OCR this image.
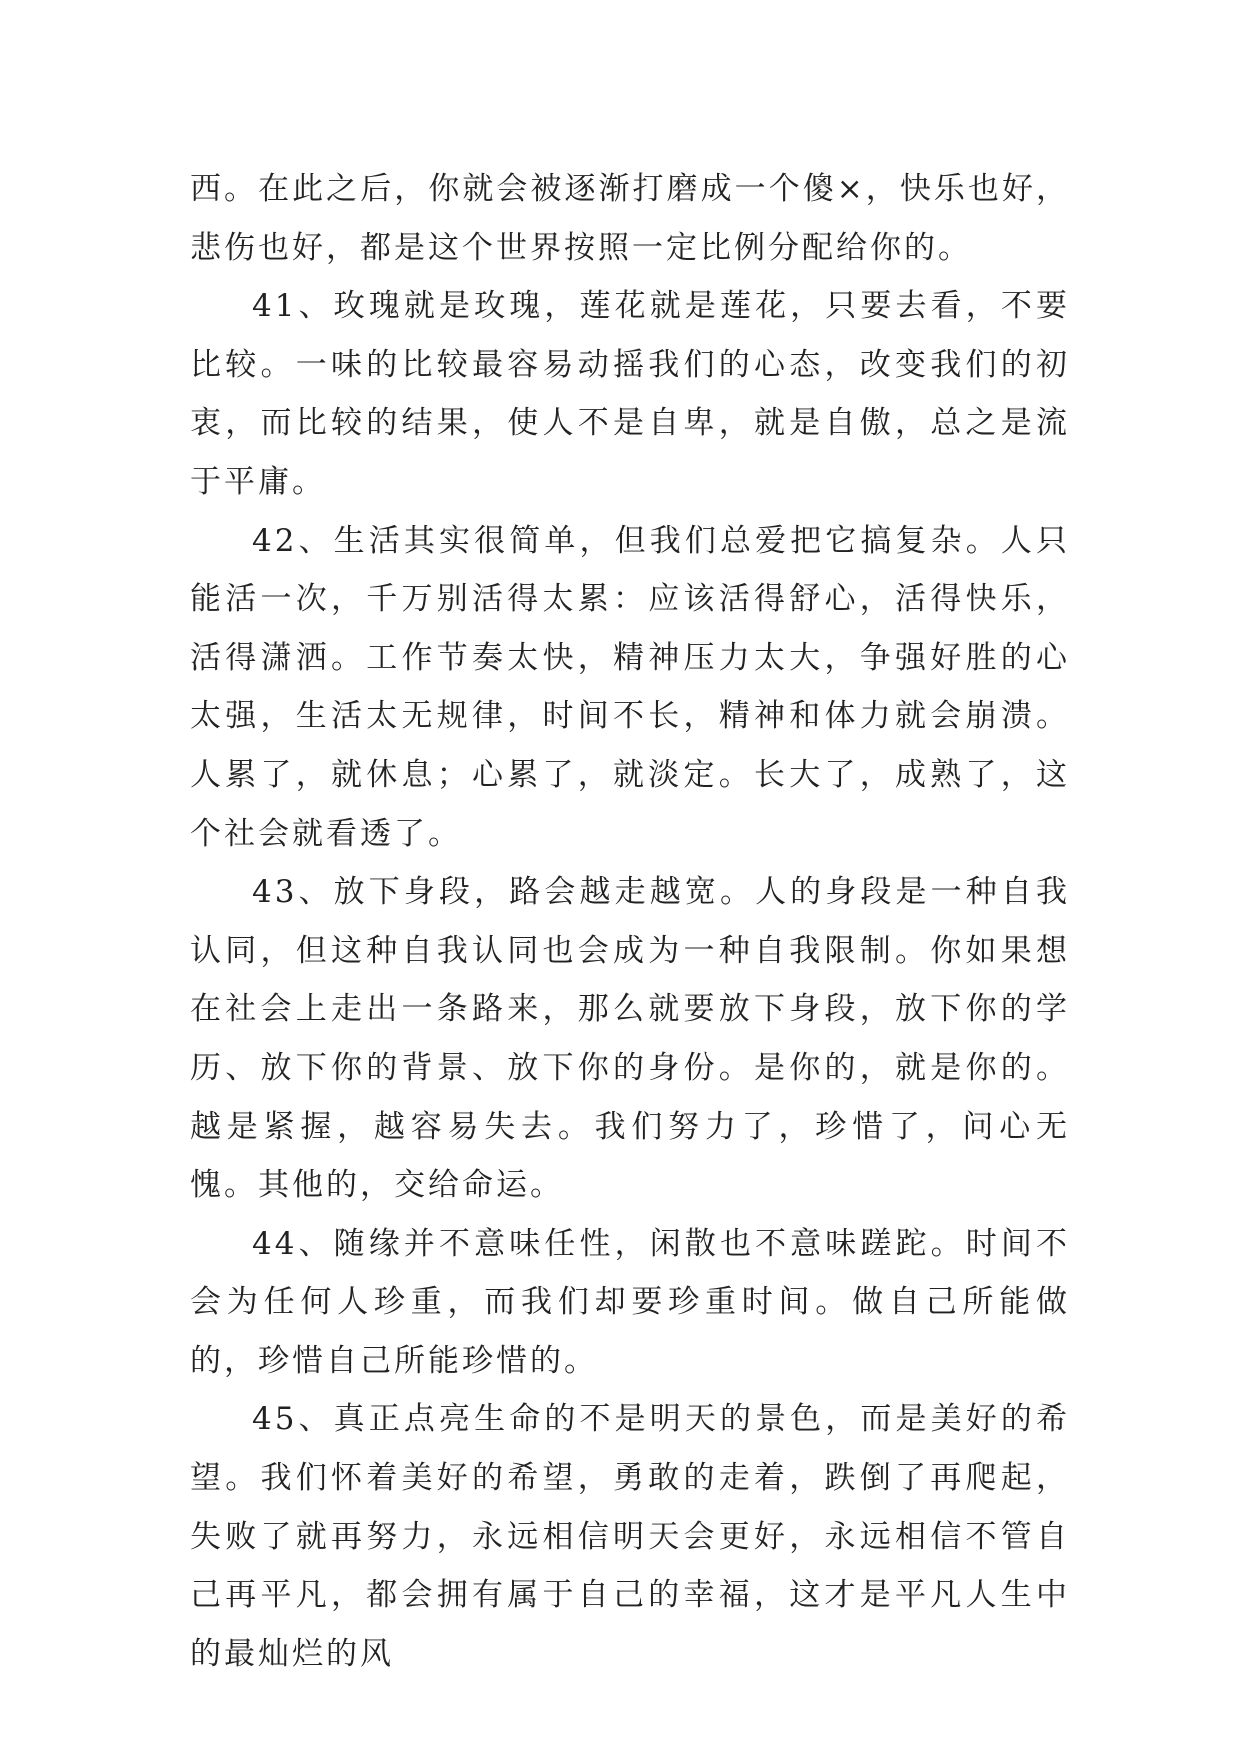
西。在此之后，你就会被逐渐打磨成一个傻×，快乐也好，悲伤也好，都是这个世界按照一定比例分配给你的。

41、玫瑰就是玫瑰，莲花就是莲花，只要去看，不要比较。一味的比较最容易动摇我们的心态，改变我们的初衷，而比较的结果，使人不是自卑，就是自傲，总之是流于平庸。

42、生活其实很简单，但我们总爱把它搞复杂。人只能活一次，千万别活得太累：应该活得舒心，活得快乐，活得潇洒。工作节奏太快，精神压力太大，争强好胜的心太强，生活太无规律，时间不长，精神和体力就会崩溃。人累了，就休息；心累了，就淡定。长大了，成熟了，这个社会就看透了。

43、放下身段，路会越走越宽。人的身段是一种自我认同，但这种自我认同也会成为一种自我限制。你如果想在社会上走出一条路来，那么就要放下身段，放下你的学历、放下你的背景、放下你的身份。是你的，就是你的。越是紧握，越容易失去。我们努力了，珍惜了，问心无愧。其他的，交给命运。

44、随缘并不意味任性，闲散也不意味蹉跎。时间不会为任何人珍重，而我们却要珍重时间。做自己所能做的，珍惜自己所能珍惜的。

45、真正点亮生命的不是明天的景色，而是美好的希望。我们怀着美好的希望，勇敢的走着，跌倒了再爬起，失败了就再努力，永远相信明天会更好，永远相信不管自己再平凡，都会拥有属于自己的幸福，这才是平凡人生中的最灿烂的风
